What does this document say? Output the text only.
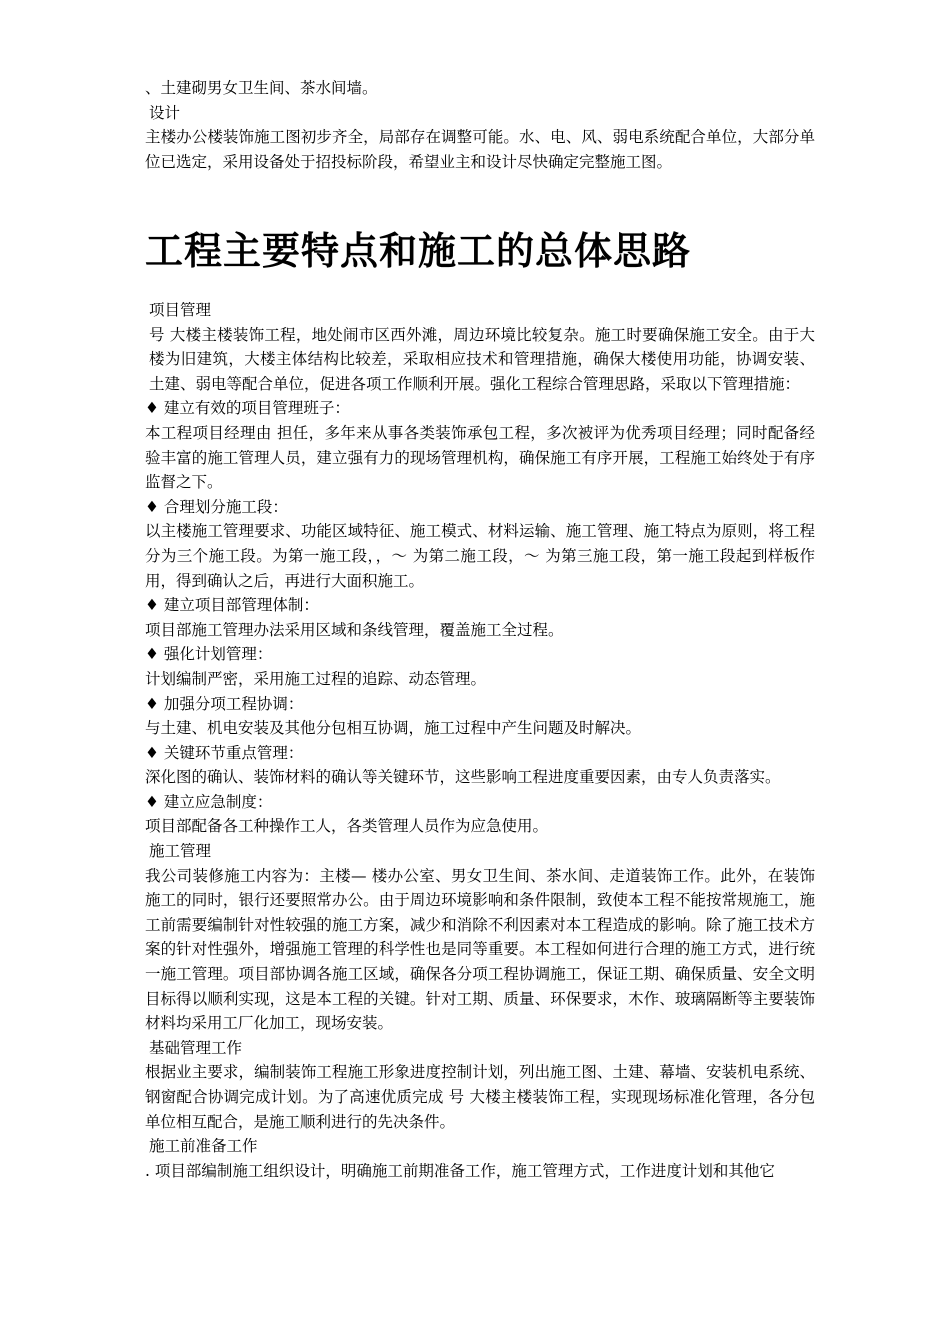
、土建砌男女卫生间、茶水间墙。

设计

主楼办公楼装饰施工图初步齐全，局部存在调整可能。水、电、风、弱电系统配合单位，大部分单位已选定，采用设备处于招投标阶段，希望业主和设计尽快确定完整施工图。

工程主要特点和施工的总体思路

项目管理

号 大楼主楼装饰工程，地处闹市区西外滩，周边环境比较复杂。施工时要确保施工安全。由于大楼为旧建筑，大楼主体结构比较差，采取相应技术和管理措施，确保大楼使用功能，协调安装、土建、弱电等配合单位，促进各项工作顺利开展。强化工程综合管理思路，采取以下管理措施：

♦ 建立有效的项目管理班子：

本工程项目经理由 担任，多年来从事各类装饰承包工程，多次被评为优秀项目经理；同时配备经验丰富的施工管理人员，建立强有力的现场管理机构，确保施工有序开展，工程施工始终处于有序监督之下。

♦ 合理划分施工段：

以主楼施工管理要求、功能区域特征、施工模式、材料运输、施工管理、施工特点为原则，将工程分为三个施工段。为第一施工段，，～ 为第二施工段，～ 为第三施工段，第一施工段起到样板作用，得到确认之后，再进行大面积施工。

♦ 建立项目部管理体制：

项目部施工管理办法采用区域和条线管理，覆盖施工全过程。

♦ 强化计划管理：

计划编制严密，采用施工过程的追踪、动态管理。

♦ 加强分项工程协调：

与土建、机电安装及其他分包相互协调，施工过程中产生问题及时解决。

♦ 关键环节重点管理：

深化图的确认、装饰材料的确认等关键环节，这些影响工程进度重要因素，由专人负责落实。

♦ 建立应急制度：

项目部配备各工种操作工人，各类管理人员作为应急使用。

施工管理

我公司装修施工内容为：主楼— 楼办公室、男女卫生间、茶水间、走道装饰工作。此外，在装饰施工的同时，银行还要照常办公。由于周边环境影响和条件限制，致使本工程不能按常规施工，施工前需要编制针对性较强的施工方案，减少和消除不利因素对本工程造成的影响。除了施工技术方案的针对性强外，增强施工管理的科学性也是同等重要。本工程如何进行合理的施工方式，进行统一施工管理。项目部协调各施工区域，确保各分项工程协调施工，保证工期、确保质量、安全文明目标得以顺利实现，这是本工程的关键。针对工期、质量、环保要求，木作、玻璃隔断等主要装饰材料均采用工厂化加工，现场安装。

基础管理工作

根据业主要求，编制装饰工程施工形象进度控制计划，列出施工图、土建、幕墙、安装机电系统、钢窗配合协调完成计划。为了高速优质完成 号 大楼主楼装饰工程，实现现场标准化管理，各分包单位相互配合，是施工顺利进行的先决条件。

施工前准备工作

. 项目部编制施工组织设计，明确施工前期准备工作，施工管理方式，工作进度计划和其他它
